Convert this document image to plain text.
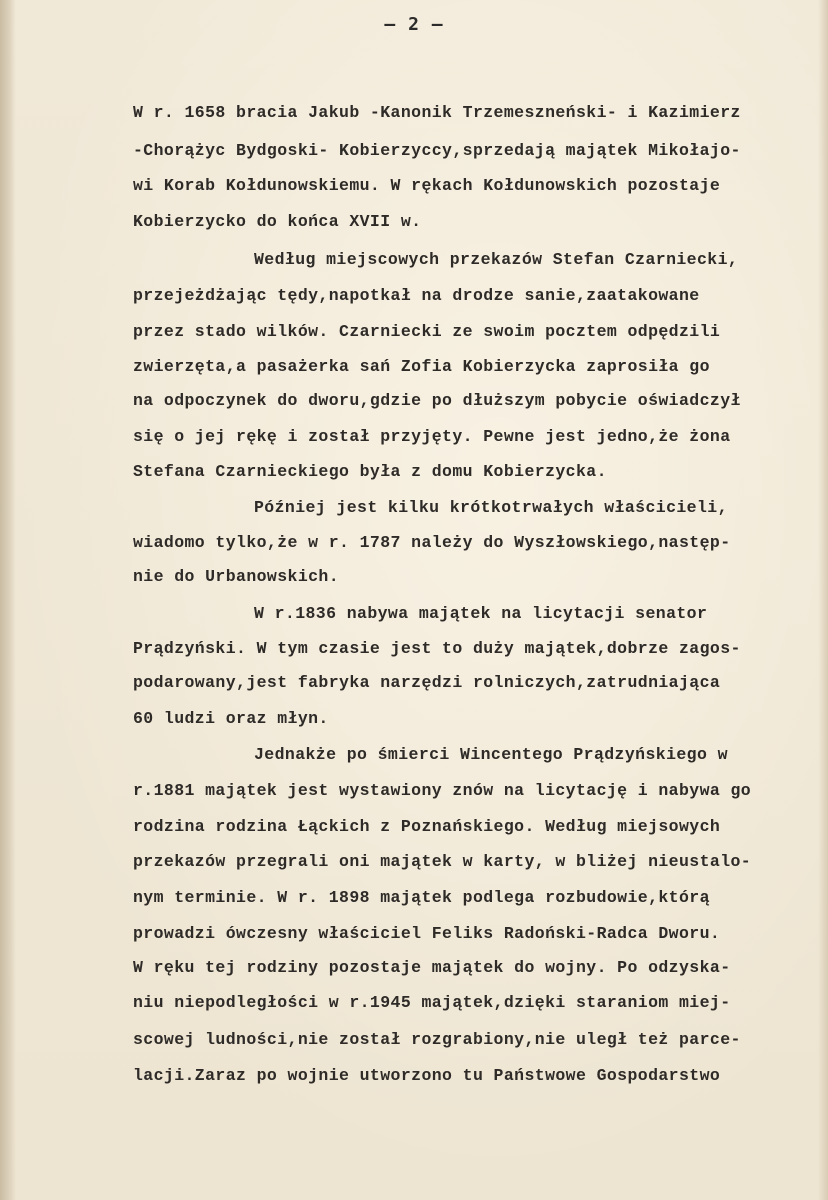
— 2 —
W r. 1658 bracia Jakub -Kanonik Trzemeszneński- i Kazimierz
-Chorążyc Bydgoski- Kobierzyccy,sprzedają majątek Mikołajo-
wi Korab Kołdunowskiemu. W rękach Kołdunowskich pozostaje
Kobierzycko do końca XVII w.
Według miejscowych przekazów Stefan Czarniecki,
przejeżdżając tędy,napotkał na drodze sanie,zaatakowane
przez stado wilków. Czarniecki ze swoim pocztem odpędzili
zwierzęta,a pasażerka sań Zofia Kobierzycka zaprosiła go
na odpoczynek do dworu,gdzie po dłuższym pobycie oświadczył
się o jej rękę i został przyjęty. Pewne jest jedno,że żona
Stefana Czarnieckiego była z domu Kobierzycka.
Później jest kilku krótkotrwałych właścicieli,
wiadomo tylko,że w r. 1787 należy do Wyszłowskiego,następ-
nie do Urbanowskich.
W r.1836 nabywa majątek na licytacji senator
Prądzyński. W tym czasie jest to duży majątek,dobrze zagos-
podarowany,jest fabryka narzędzi rolniczych,zatrudniająca
60 ludzi oraz młyn.
Jednakże po śmierci Wincentego Prądzyńskiego w
r.1881 majątek jest wystawiony znów na licytację i nabywa go
rodzina rodzina Łąckich z Poznańskiego. Według miejsowych
przekazów przegrali oni majątek w karty, w bliżej nieustalo-
nym terminie. W r. 1898 majątek podlega rozbudowie,którą
prowadzi ówczesny właściciel Feliks Radoński-Radca Dworu.
W ręku tej rodziny pozostaje majątek do wojny. Po odzyska-
niu niepodległości w r.1945 majątek,dzięki staraniom miej-
scowej ludności,nie został rozgrabiony,nie uległ też parce-
lacji.Zaraz po wojnie utworzono tu Państwowe Gospodarstwo
